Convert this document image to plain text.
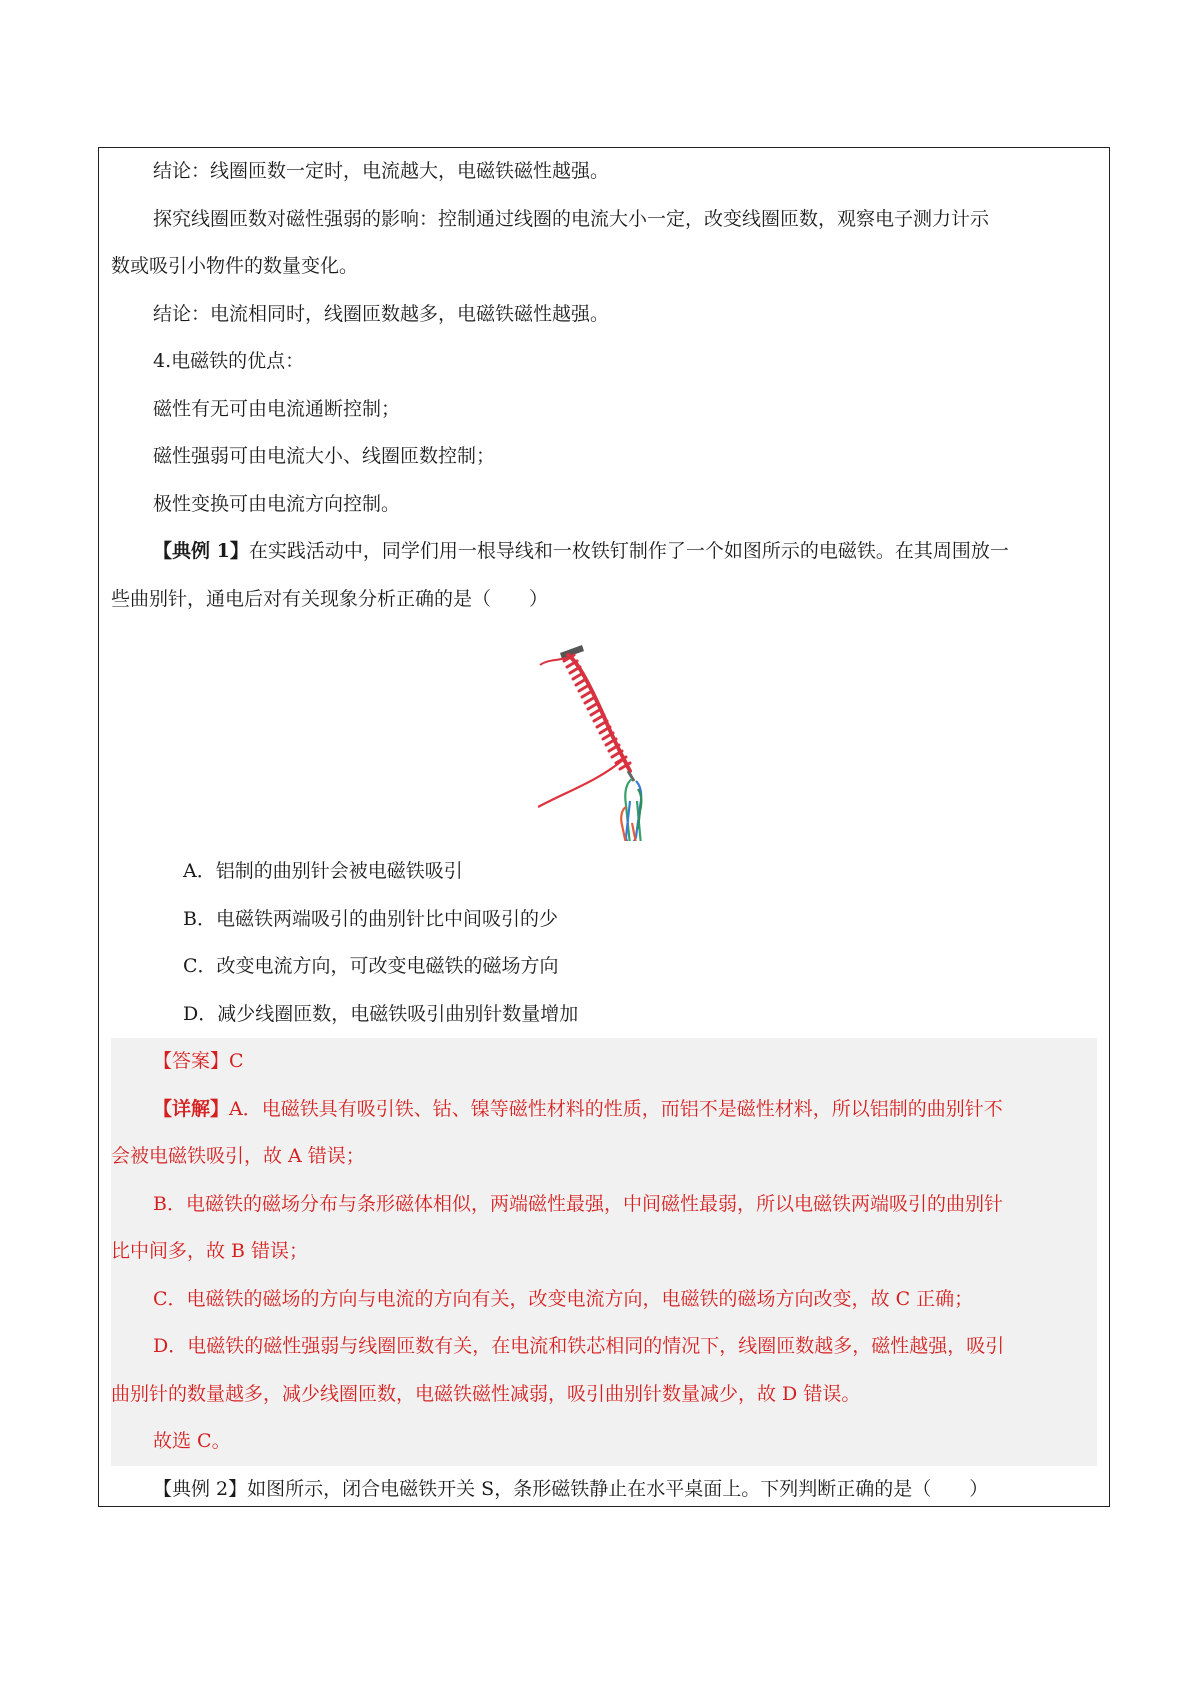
结论：线圈匝数一定时，电流越大，电磁铁磁性越强。
探究线圈匝数对磁性强弱的影响：控制通过线圈的电流大小一定，改变线圈匝数，观察电子测力计示
数或吸引小物件的数量变化。
结论：电流相同时，线圈匝数越多，电磁铁磁性越强。
4.电磁铁的优点：
磁性有无可由电流通断控制；
磁性强弱可由电流大小、线圈匝数控制；
极性变换可由电流方向控制。
【典例 1】在实践活动中，同学们用一根导线和一枚铁钉制作了一个如图所示的电磁铁。在其周围放一
些曲别针，通电后对有关现象分析正确的是（　　）
A．铝制的曲别针会被电磁铁吸引
B．电磁铁两端吸引的曲别针比中间吸引的少
C．改变电流方向，可改变电磁铁的磁场方向
D．减少线圈匝数，电磁铁吸引曲别针数量增加
【答案】C
【详解】A．电磁铁具有吸引铁、钴、镍等磁性材料的性质，而铝不是磁性材料，所以铝制的曲别针不
会被电磁铁吸引，故 A 错误；
B．电磁铁的磁场分布与条形磁体相似，两端磁性最强，中间磁性最弱，所以电磁铁两端吸引的曲别针
比中间多，故 B 错误；
C．电磁铁的磁场的方向与电流的方向有关，改变电流方向，电磁铁的磁场方向改变，故 C 正确；
D．电磁铁的磁性强弱与线圈匝数有关，在电流和铁芯相同的情况下，线圈匝数越多，磁性越强，吸引
曲别针的数量越多，减少线圈匝数，电磁铁磁性减弱，吸引曲别针数量减少，故 D 错误。
故选 C。
【典例 2】如图所示，闭合电磁铁开关 S，条形磁铁静止在水平桌面上。下列判断正确的是（　　）
